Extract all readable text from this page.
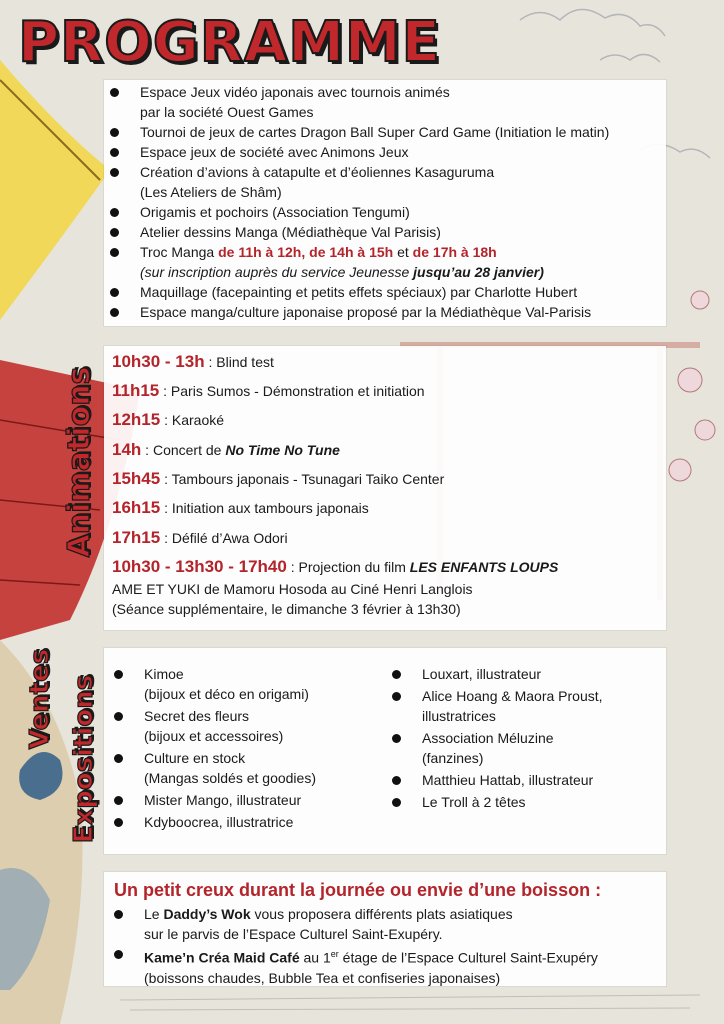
PROGRAMME
Espace Jeux vidéo japonais avec tournois animés
par la société Ouest Games
Tournoi de jeux de cartes Dragon Ball Super Card Game (Initiation le matin)
Espace jeux de société avec Animons Jeux
Création d’avions à catapulte et d’éoliennes Kasaguruma
(Les Ateliers de Shâm)
Origamis et pochoirs (Association Tengumi)
Atelier dessins Manga (Médiathèque Val Parisis)
Troc Manga de 11h à 12h, de 14h à 15h et de 17h à 18h
(sur inscription auprès du service Jeunesse jusqu’au 28 janvier)
Maquillage (facepainting et petits effets spéciaux) par Charlotte Hubert
Espace manga/culture japonaise proposé par la Médiathèque Val-Parisis
Animations
10h30 - 13h : Blind test
11h15 : Paris Sumos - Démonstration et initiation
12h15 : Karaoké
14h : Concert de No Time No Tune
15h45 : Tambours japonais - Tsunagari Taiko Center
16h15 : Initiation aux tambours japonais
17h15 : Défilé d’Awa Odori
10h30 - 13h30 - 17h40 : Projection du film LES ENFANTS LOUPS
AME ET YUKI de Mamoru Hosoda au Ciné Henri Langlois
(Séance supplémentaire, le dimanche 3 février à 13h30)
Ventes Expositions
Kimoe
(bijoux et déco en origami)
Secret des fleurs
(bijoux et accessoires)
Culture en stock
(Mangas soldés et goodies)
Mister Mango, illustrateur
Kdyboocrea, illustratrice
Louxart, illustrateur
Alice Hoang & Maora Proust,
illustratrices
Association Méluzine
(fanzines)
Matthieu Hattab, illustrateur
Le Troll à 2 têtes
Un petit creux durant la journée ou envie d’une boisson :
Le Daddy’s Wok vous proposera différents plats asiatiques
sur le parvis de l’Espace Culturel Saint-Exupéry.
Kame’n Créa Maid Café au 1er étage de l’Espace Culturel Saint-Exupéry
(boissons chaudes, Bubble Tea et confiseries japonaises)
